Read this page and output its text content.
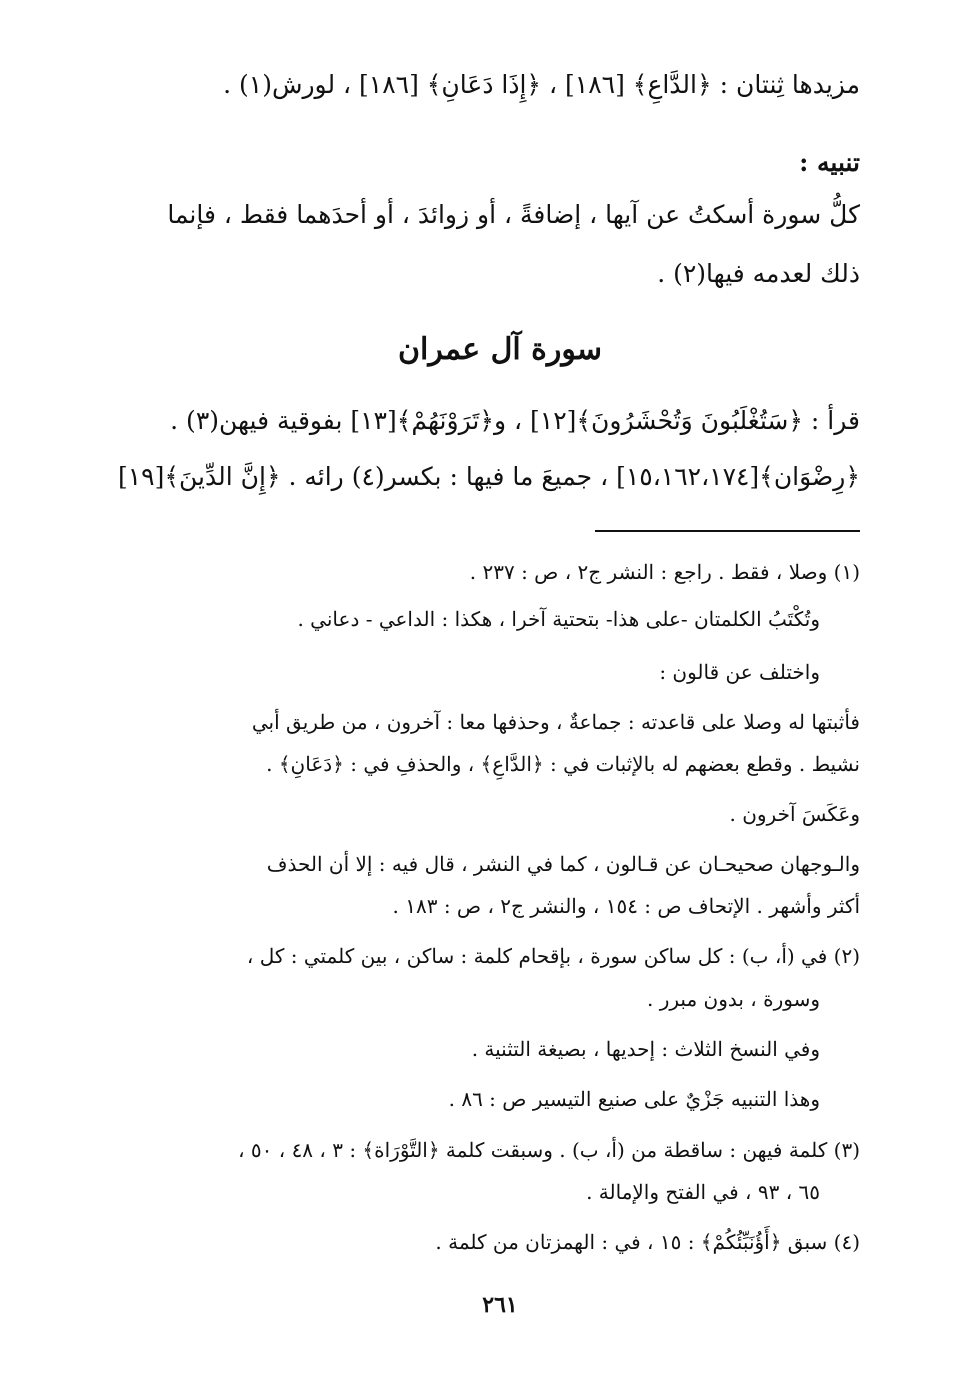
مزيدها ثِنتان : ﴿الدَّاعِ﴾ [١٨٦] ، ﴿إِذَا دَعَانِ﴾ [١٨٦] ، لورش(١) .
تنبيه :
كلُّ سورة أسكتُ عن آيها ، إضافةً ، أو زوائدَ ، أو أحدَهما فقط ، فإنما
ذلك لعدمه فيها(٢) .
سورة آل عمران
قرأ : ﴿سَتُغْلَبُونَ وَتُحْشَرُونَ﴾[١٢] ، و﴿تَرَوْنَهُمْ﴾[١٣] بفوقية فيهن(٣) .
﴿رِضْوَان﴾[١٥،١٦٢،١٧٤] ، جميعَ ما فيها : بكسر(٤) رائه . ﴿إِنَّ الدِّينَ﴾[١٩]
(١) وصلا ، فقط . راجع : النشر ج٢ ، ص : ٢٣٧ .
وتُكْتَبُ الكلمتان -على هذا- بتحتية آخرا ، هكذا : الداعي - دعاني .
واختلف عن قالون :
فأثبتها له وصلا على قاعدته : جماعةٌ ، وحذفها معا : آخرون ، من طريق أبي
نشيط . وقطع بعضهم له بالإثبات في : ﴿الدَّاعِ﴾ ، والحذفِ في : ﴿دَعَانِ﴾ .
وعَكَسَ آخرون .
والـوجهان صحيحـان عن قـالون ، كما في النشر ، قال فيه : إلا أن الحذف
أكثر وأشهر . الإتحاف ص : ١٥٤ ، والنشر ج٢ ، ص : ١٨٣ .
(٢) في (أ، ب) : كل ساكن سورة ، بإقحام كلمة : ساكن ، بين كلمتي : كل ،
وسورة ، بدون مبرر .
وفي النسخ الثلاث : إحديها ، بصيغة التثنية .
وهذا التنبيه جَزْيٌ على صنيع التيسير ص : ٨٦ .
(٣) كلمة فيهن : ساقطة من (أ، ب) . وسبقت كلمة ﴿التَّوْرَاة﴾ : ٣ ، ٤٨ ، ٥٠ ،
٦٥ ، ٩٣ ، في الفتح والإمالة .
(٤) سبق ﴿أَؤُنَبِّئُكُمْ﴾ : ١٥ ، في : الهمزتان من كلمة .
٢٦١
